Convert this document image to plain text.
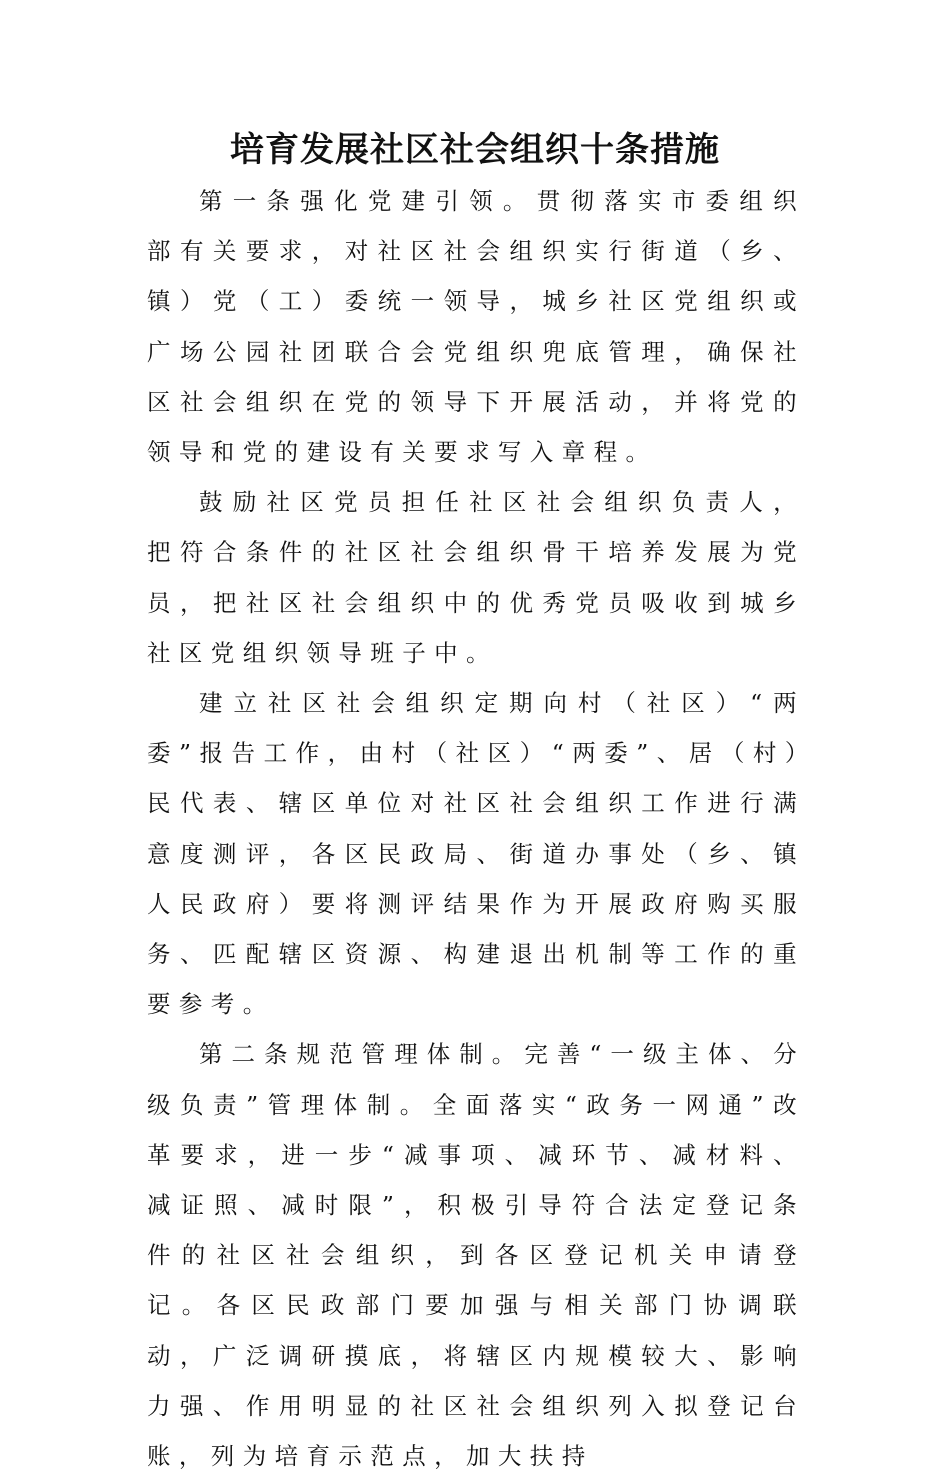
培育发展社区社会组织十条措施

第一条强化党建引领。贯彻落实市委组织部有关要求，对社区社会组织实行街道（乡、镇）党（工）委统一领导，城乡社区党组织或广场公园社团联合会党组织兜底管理，确保社区社会组织在党的领导下开展活动，并将党的领导和党的建设有关要求写入章程。

鼓励社区党员担任社区社会组织负责人，把符合条件的社区社会组织骨干培养发展为党员，把社区社会组织中的优秀党员吸收到城乡社区党组织领导班子中。

建立社区社会组织定期向村（社区）“两委”报告工作，由村（社区）“两委”、居（村）民代表、辖区单位对社区社会组织工作进行满意度测评，各区民政局、街道办事处（乡、镇人民政府）要将测评结果作为开展政府购买服务、匹配辖区资源、构建退出机制等工作的重要参考。

第二条规范管理体制。完善“一级主体、分级负责”管理体制。全面落实“政务一网通”改革要求，进一步“减事项、减环节、减材料、减证照、减时限”，积极引导符合法定登记条件的社区社会组织，到各区登记机关申请登记。各区民政部门要加强与相关部门协调联动，广泛调研摸底，将辖区内规模较大、影响力强、作用明显的社区社会组织列入拟登记台账，列为培育示范点，加大扶持
